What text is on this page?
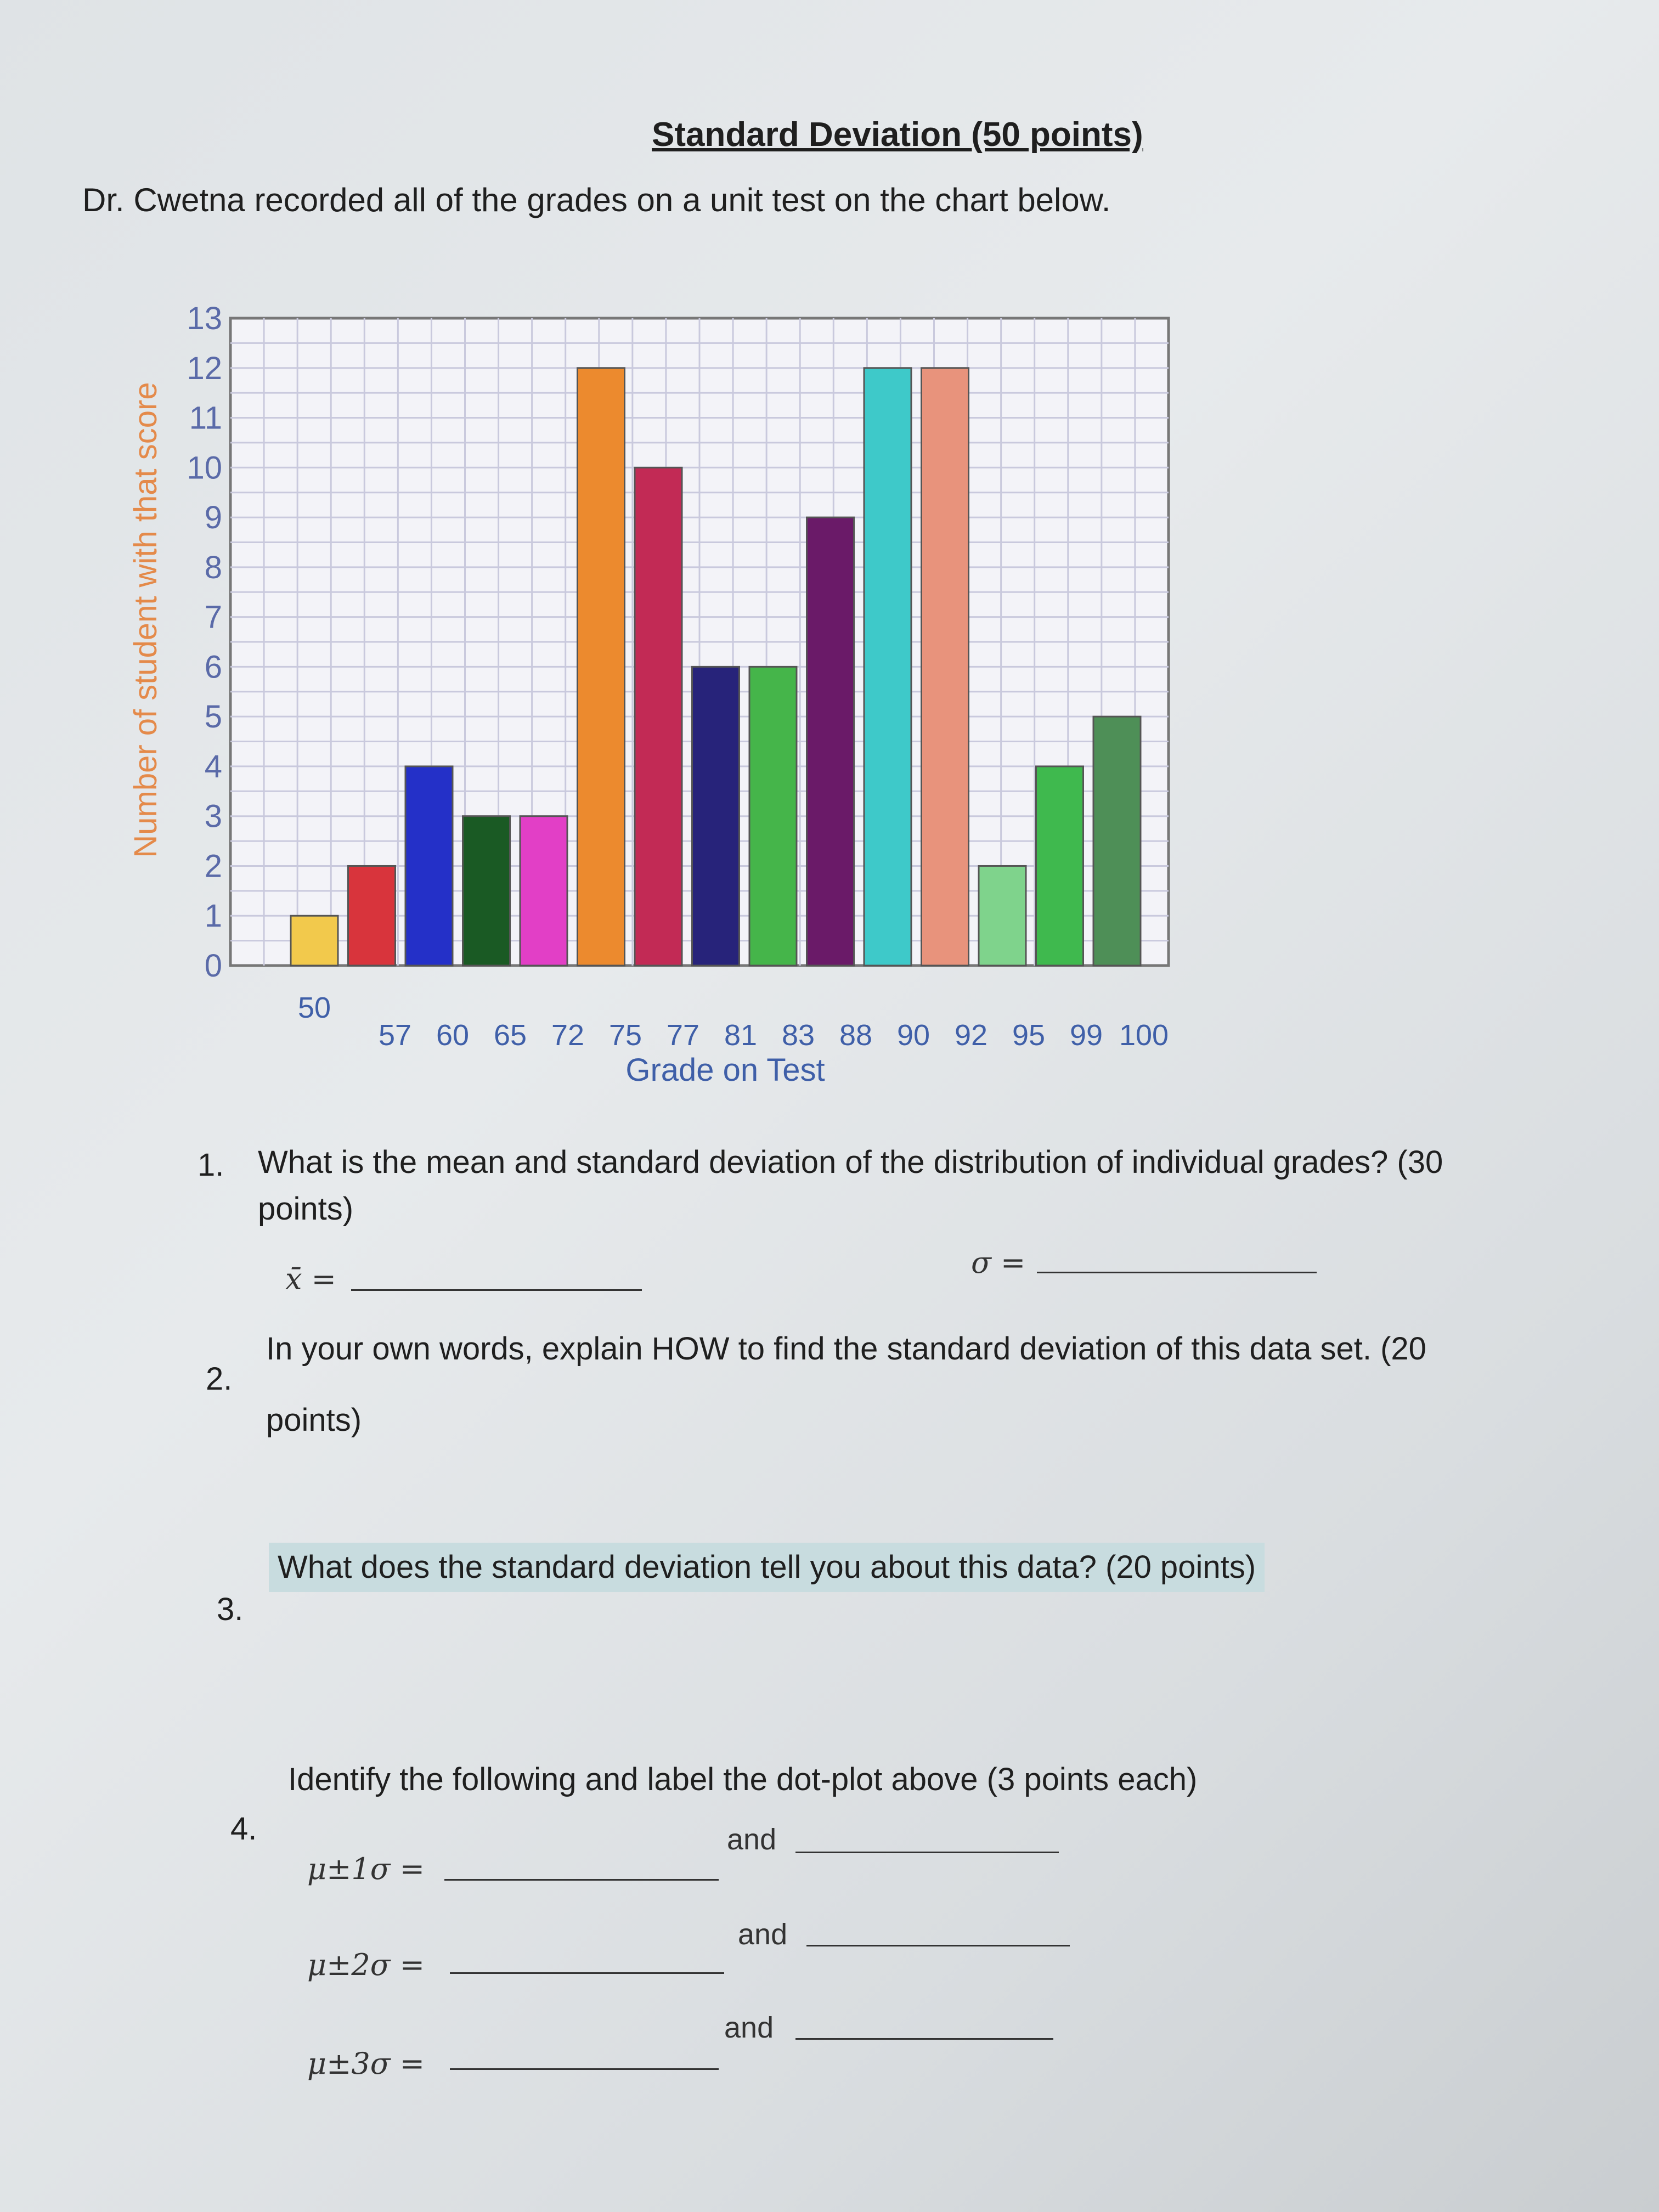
Standard Deviation (50 points)
Dr. Cwetna recorded all of the grades on a unit test on the chart below.
0
1
2
3
4
5
6
7
8
9
10
11
12
13
50
57 60 65 72 75 77 81 83 88 90 92 95 99 100
Number of student with that score
Grade on Test
1. What is the mean and standard deviation of the distribution of individual grades? (30
points)
x̄ =	σ =
2.
In your own words, explain HOW to find the standard deviation of this data set. (20
points)
3.
What does the standard deviation tell you about this data? (20 points)
4.
Identify the following and label the dot-plot above (3 points each)
μ±1σ =
and
μ±2σ =
and
μ±3σ =
and
